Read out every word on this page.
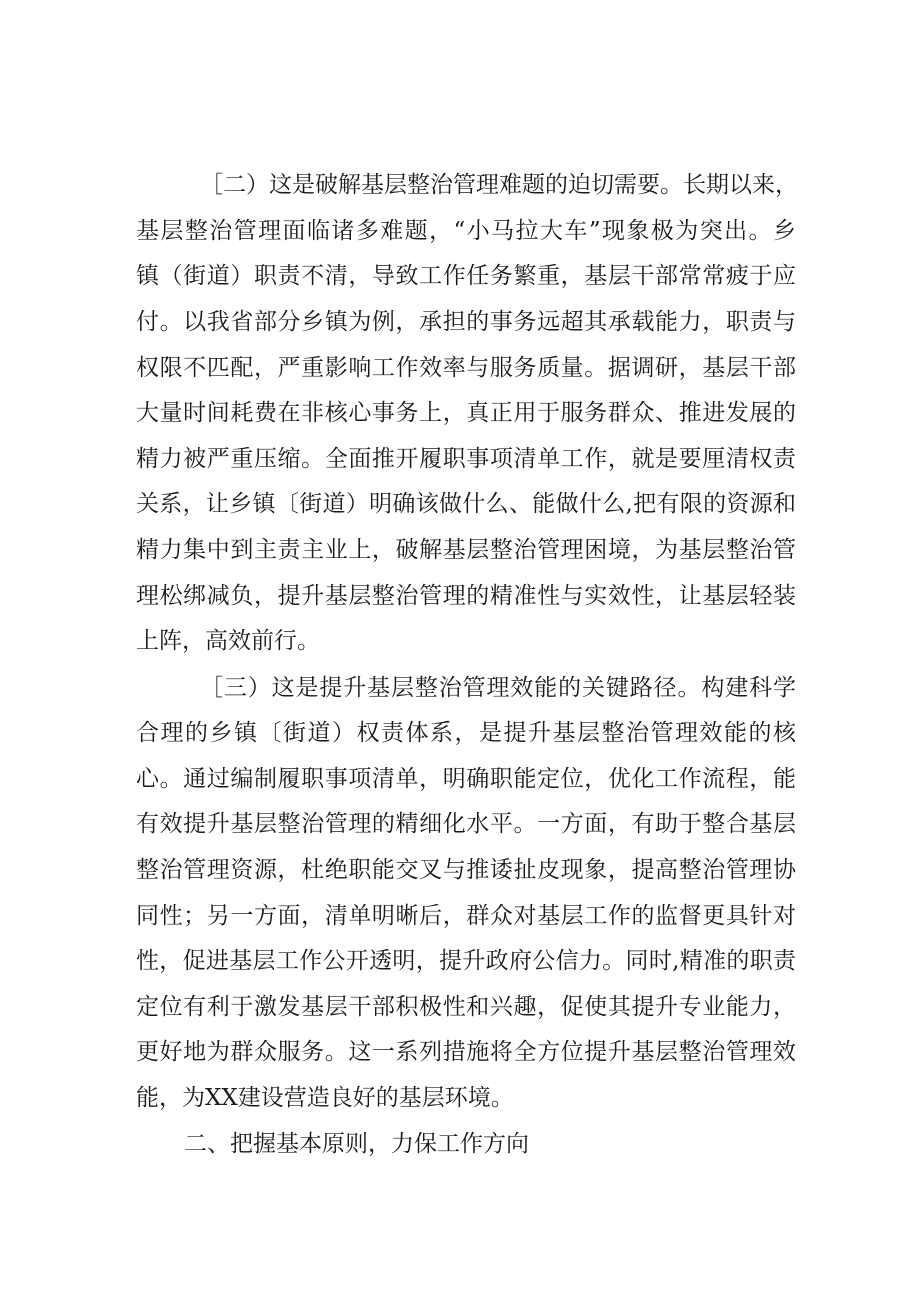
［二）这是破解基层整治管理难题的迫切需要。长期以来，
基层整治管理面临诸多难题，“小马拉大车”现象极为突出。乡
镇（街道）职责不清，导致工作任务繁重，基层干部常常疲于应
付。以我省部分乡镇为例，承担的事务远超其承载能力，职责与
权限不匹配，严重影响工作效率与服务质量。据调研，基层干部
大量时间耗费在非核心事务上，真正用于服务群众、推进发展的
精力被严重压缩。全面推开履职事项清单工作，就是要厘清权责
关系，让乡镇〔街道）明确该做什么、能做什么,把有限的资源和
精力集中到主责主业上，破解基层整治管理困境，为基层整治管
理松绑减负，提升基层整治管理的精准性与实效性，让基层轻装
上阵，高效前行。
［三）这是提升基层整治管理效能的关键路径。构建科学
合理的乡镇〔街道）权责体系，是提升基层整治管理效能的核
心。通过编制履职事项清单，明确职能定位，优化工作流程，能
有效提升基层整治管理的精细化水平。一方面，有助于整合基层
整治管理资源，杜绝职能交叉与推诿扯皮现象，提高整治管理协
同性；另一方面，清单明晰后，群众对基层工作的监督更具针对
性，促进基层工作公开透明，提升政府公信力。同时,精准的职责
定位有利于激发基层干部积极性和兴趣，促使其提升专业能力，
更好地为群众服务。这一系列措施将全方位提升基层整治管理效
能，为XX建设营造良好的基层环境。
二、把握基本原则，力保工作方向
